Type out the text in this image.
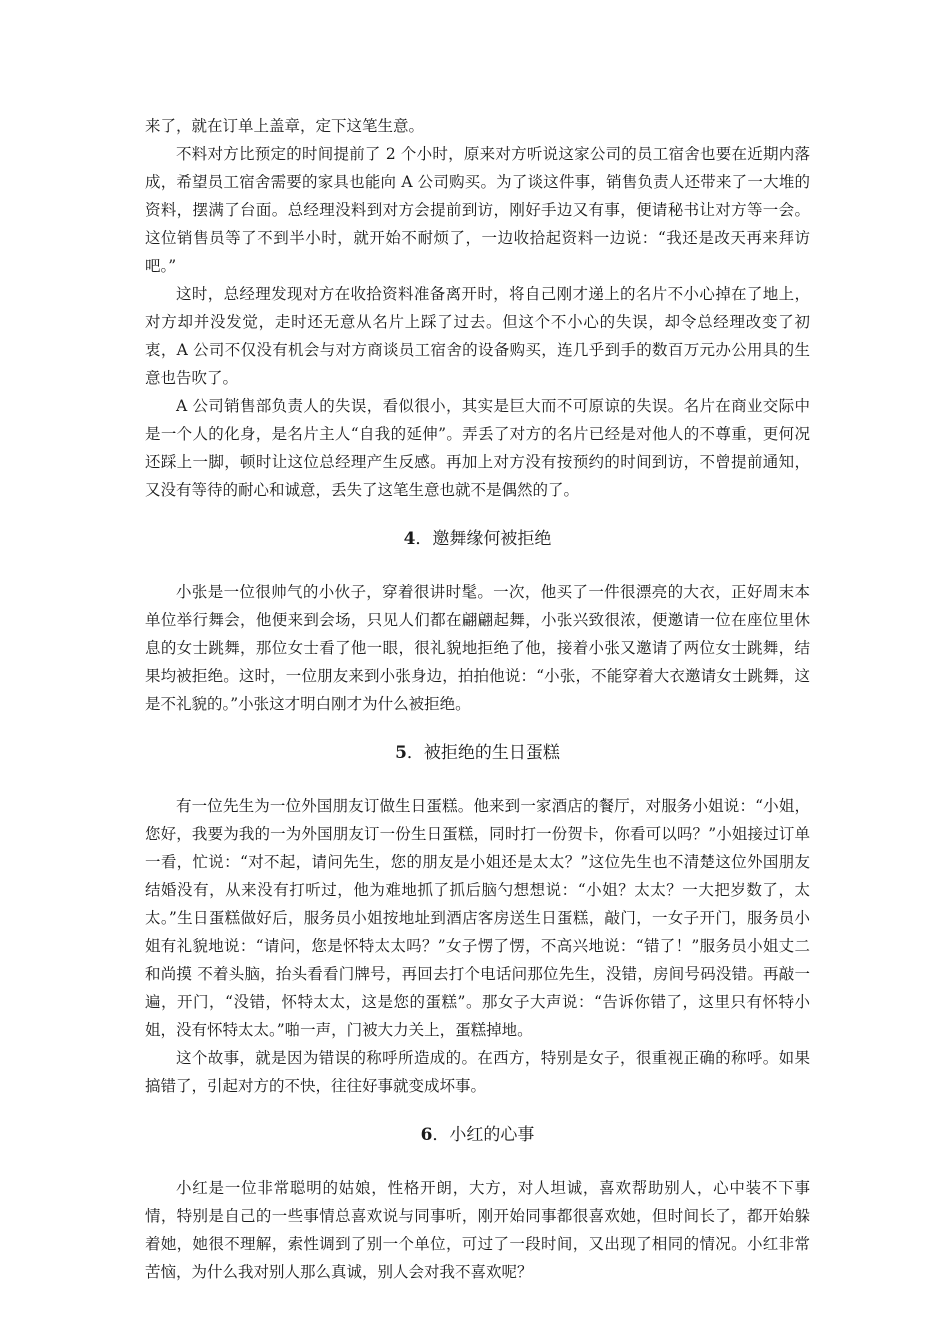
来了，就在订单上盖章，定下这笔生意。

不料对方比预定的时间提前了 2 个小时，原来对方听说这家公司的员工宿舍也要在近期内落成，希望员工宿舍需要的家具也能向 A 公司购买。为了谈这件事，销售负责人还带来了一大堆的资料，摆满了台面。总经理没料到对方会提前到访，刚好手边又有事，便请秘书让对方等一会。这位销售员等了不到半小时，就开始不耐烦了，一边收拾起资料一边说：“我还是改天再来拜访吧。”

这时，总经理发现对方在收拾资料准备离开时，将自己刚才递上的名片不小心掉在了地上，对方却并没发觉，走时还无意从名片上踩了过去。但这个不小心的失误，却令总经理改变了初衷，A 公司不仅没有机会与对方商谈员工宿舍的设备购买，连几乎到手的数百万元办公用具的生意也告吹了。

A 公司销售部负责人的失误，看似很小，其实是巨大而不可原谅的失误。名片在商业交际中是一个人的化身，是名片主人“自我的延伸”。弄丢了对方的名片已经是对他人的不尊重，更何况还踩上一脚，顿时让这位总经理产生反感。再加上对方没有按预约的时间到访，不曾提前通知，又没有等待的耐心和诚意，丢失了这笔生意也就不是偶然的了。

4．邀舞缘何被拒绝

小张是一位很帅气的小伙子，穿着很讲时髦。一次，他买了一件很漂亮的大衣，正好周末本单位举行舞会，他便来到会场，只见人们都在翩翩起舞，小张兴致很浓，便邀请一位在座位里休息的女士跳舞，那位女士看了他一眼，很礼貌地拒绝了他，接着小张又邀请了两位女士跳舞，结果均被拒绝。这时，一位朋友来到小张身边，拍拍他说：“小张，不能穿着大衣邀请女士跳舞，这是不礼貌的。”小张这才明白刚才为什么被拒绝。

5．被拒绝的生日蛋糕

有一位先生为一位外国朋友订做生日蛋糕。他来到一家酒店的餐厅，对服务小姐说：“小姐，您好，我要为我的一为外国朋友订一份生日蛋糕，同时打一份贺卡，你看可以吗？”小姐接过订单一看，忙说：“对不起，请问先生，您的朋友是小姐还是太太？”这位先生也不清楚这位外国朋友结婚没有，从来没有打听过，他为难地抓了抓后脑勺想想说：“小姐？太太？一大把岁数了，太太。”生日蛋糕做好后，服务员小姐按地址到酒店客房送生日蛋糕，敲门，一女子开门，服务员小姐有礼貌地说：“请问，您是怀特太太吗？”女子愣了愣，不高兴地说：“错了！”服务员小姐丈二和尚摸 不着头脑，抬头看看门牌号，再回去打个电话问那位先生，没错，房间号码没错。再敲一遍，开门，“没错，怀特太太，这是您的蛋糕”。那女子大声说：“告诉你错了，这里只有怀特小姐，没有怀特太太。”啪一声，门被大力关上，蛋糕掉地。

这个故事，就是因为错误的称呼所造成的。在西方，特别是女子，很重视正确的称呼。如果搞错了，引起对方的不快，往往好事就变成坏事。

6．小红的心事

小红是一位非常聪明的姑娘，性格开朗，大方，对人坦诚，喜欢帮助别人，心中装不下事情，特别是自己的一些事情总喜欢说与同事听，刚开始同事都很喜欢她，但时间长了，都开始躲着她，她很不理解，索性调到了别一个单位，可过了一段时间，又出现了相同的情况。小红非常苦恼，为什么我对别人那么真诚，别人会对我不喜欢呢？
